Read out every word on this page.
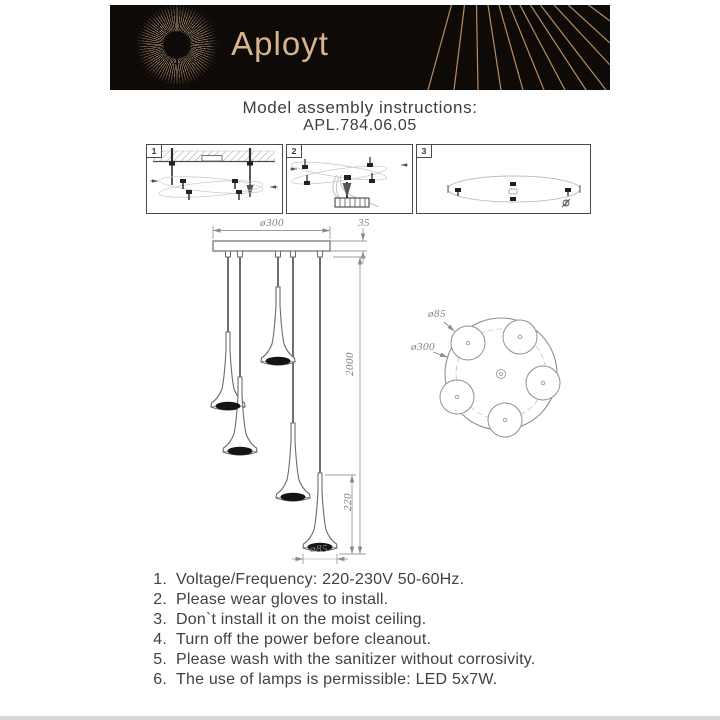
Aployt
Model assembly instructions:
APL.784.06.05
1	2	3
ø300	35
2000
220
ø85
ø85
ø300
1. Voltage/Frequency: 220-230V 50-60Hz.
2. Please wear gloves to install.
3. Don`t install it on the moist ceiling.
4. Turn off the power before cleanout.
5. Please wash with the sanitizer without corrosivity.
6. The use of lamps is permissible: LED 5x7W.
